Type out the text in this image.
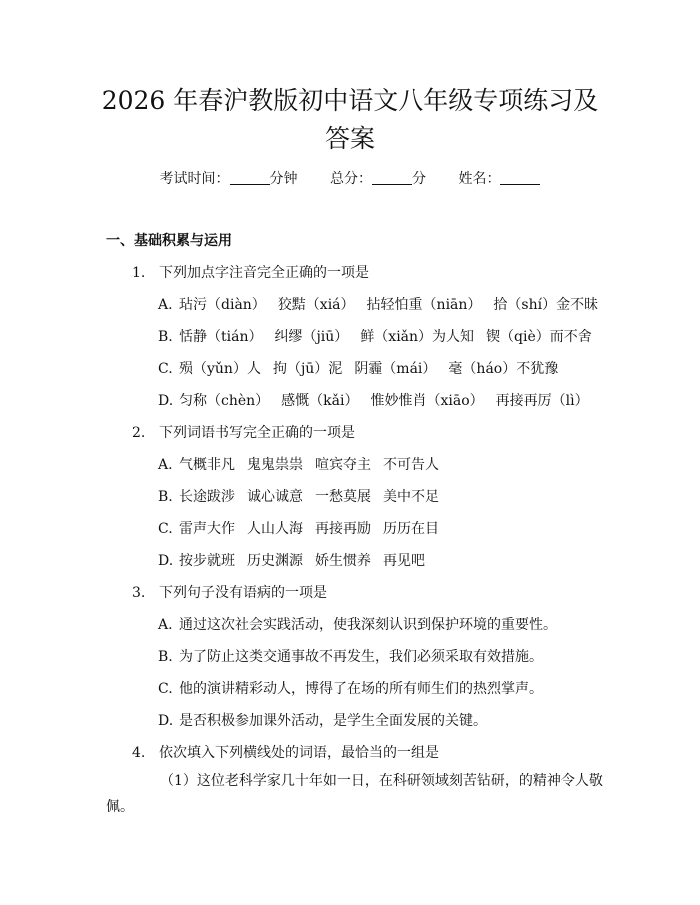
2026 年春沪教版初中语文八年级专项练习及
答案
考试时间：	分钟 总分：	分 姓名：
一、基础积累与运用
1. 下列加点字注音完全正确的一项是
A. 玷污（diàn） 狡黠（xiá） 拈轻怕重（niān） 拾（shí）金不昧
B. 恬静（tián） 纠缪（jiū） 鲜（xiǎn）为人知 锲（qiè）而不舍
C. 殒（yǔn）人 拘（jū）泥 阴霾（mái） 毫（háo）不犹豫
D. 匀称（chèn） 感慨（kǎi） 惟妙惟肖（xiāo） 再接再厉（lì）
2. 下列词语书写完全正确的一项是
A. 气概非凡 鬼鬼祟祟 喧宾夺主 不可告人
B. 长途跋涉 诚心诚意 一愁莫展 美中不足
C. 雷声大作 人山人海 再接再励 历历在目
D. 按步就班 历史渊源 娇生惯养 再见吧
3. 下列句子没有语病的一项是
A. 通过这次社会实践活动，使我深刻认识到保护环境的重要性。
B. 为了防止这类交通事故不再发生，我们必须采取有效措施。
C. 他的演讲精彩动人，博得了在场的所有师生们的热烈掌声。
D. 是否积极参加课外活动，是学生全面发展的关键。
4. 依次填入下列横线处的词语，最恰当的一组是
（1）这位老科学家几十年如一日，在科研领域刻苦钻研，的精神令人敬佩。
